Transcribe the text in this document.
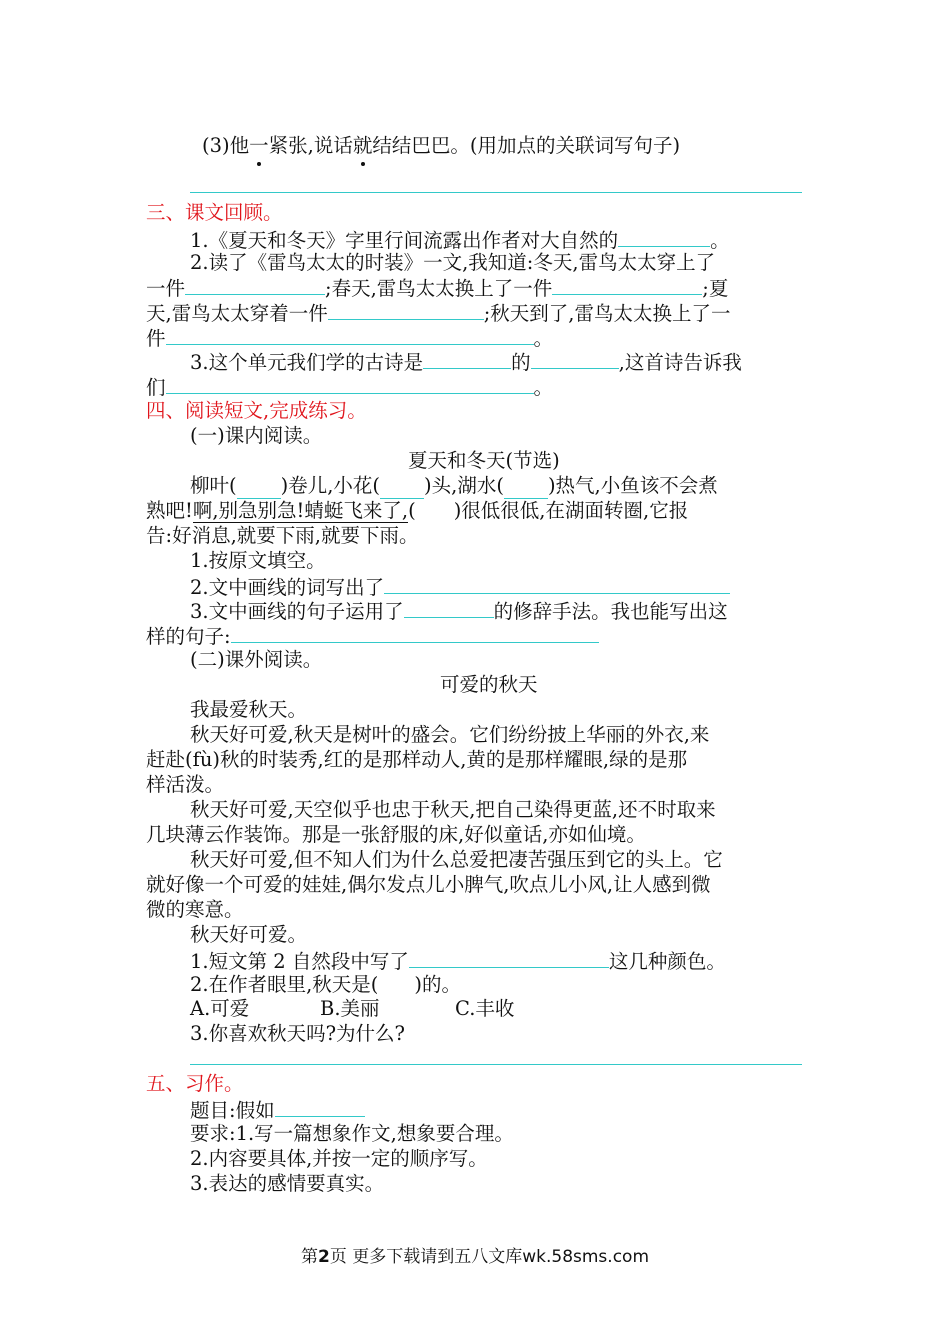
(3)他一紧张,说话就结结巴巴。(用加点的关联词写句子)
三、课文回顾。
1.《夏天和冬天》字里行间流露出作者对大自然的	。
2.读了《雷鸟太太的时装》一文,我知道:冬天,雷鸟太太穿上了
一件	;春天,雷鸟太太换上了一件	;夏
天,雷鸟太太穿着一件	;秋天到了,雷鸟太太换上了一
件	。
3.这个单元我们学的古诗是	的	,这首诗告诉我
们	。
四、阅读短文,完成练习。
(一)课内阅读。
夏天和冬天(节选)
柳叶( )卷儿,小花( )头,湖水( )热气,小鱼该不会煮
熟吧!啊,别急别急!蜻蜓飞来了,( )很低很低,在湖面转圈,它报
告:好消息,就要下雨,就要下雨。
1.按原文填空。
2.文中画线的词写出了
3.文中画线的句子运用了	的修辞手法。我也能写出这
样的句子:
(二)课外阅读。
可爱的秋天
我最爱秋天。
秋天好可爱,秋天是树叶的盛会。它们纷纷披上华丽的外衣,来
赶赴(fù)秋的时装秀,红的是那样动人,黄的是那样耀眼,绿的是那
样活泼。
秋天好可爱,天空似乎也忠于秋天,把自己染得更蓝,还不时取来
几块薄云作装饰。那是一张舒服的床,好似童话,亦如仙境。
秋天好可爱,但不知人们为什么总爱把凄苦强压到它的头上。它
就好像一个可爱的娃娃,偶尔发点儿小脾气,吹点儿小风,让人感到微
微的寒意。
秋天好可爱。
1.短文第 2 自然段中写了	这几种颜色。
2.在作者眼里,秋天是( )的。
A.可爱	B.美丽	C.丰收
3.你喜欢秋天吗?为什么?
五、习作。
题目:假如
要求:1.写一篇想象作文,想象要合理。
2.内容要具体,并按一定的顺序写。
3.表达的感情要真实。
第2页 更多下载请到五八文库wk.58sms.com
